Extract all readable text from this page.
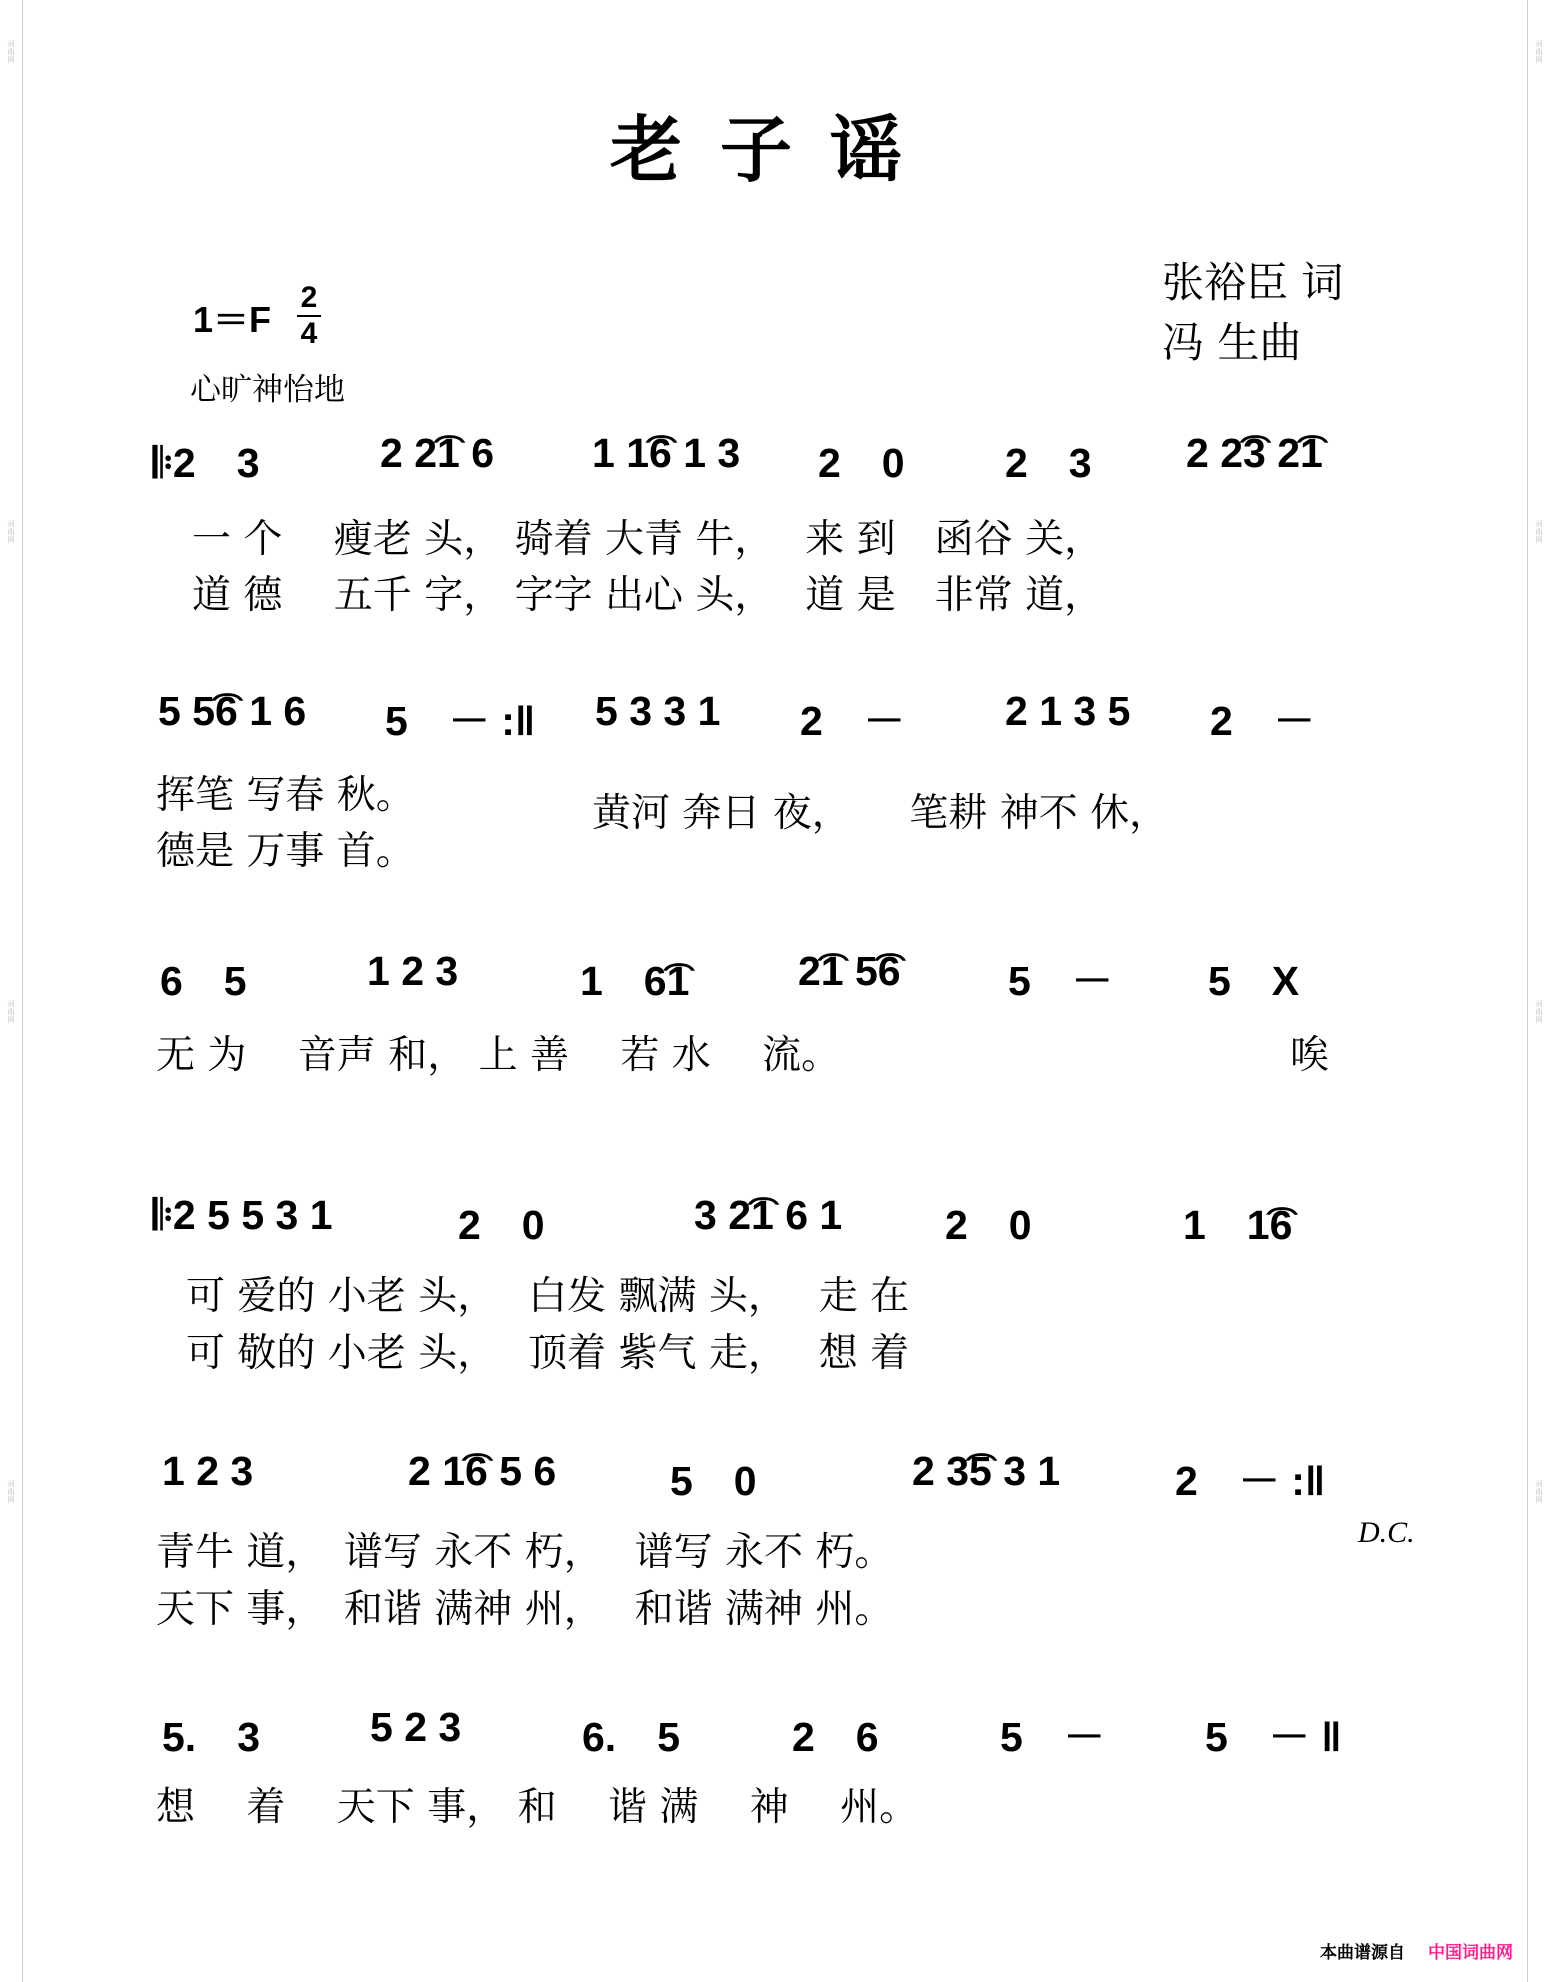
词曲网
词曲网
词曲网
词曲网
词曲网
词曲网
词曲网
词曲网
老子谣
张裕臣 词
冯 生曲
1＝F
2
4
心旷神怡地
𝄆2　3	2 2͡1 6 1 1͡6 1 3 2　0 2　3 2 2͡3 2͡1
一 个　 瘦老 头， 骑着 大青 牛，　 来 到　函谷 关，
道 德　 五千 字， 字字 出心 头，　 道 是　非常 道，
5 5͡6 1 6 5　－ :‖ 5 3 3 1 2　－ 2 1 3 5 2　－
挥笔 写春 秋。	黄河 奔日 夜，　　笔耕 神不 休，
德是 万事 首。
6　5	1 2 3	1　6͡1	2͡1 5͡6	5　－ 5　X
无 为　 音声 和， 上 善　 若 水　 流。	唉
𝄆2 5 5 3 1	2　0	3 2͡1 6 1	2　0	1　1͡6
可 爱的 小老 头，　 白发 飘满 头，　 走 在
可 敬的 小老 头，　 顶着 紫气 走，　 想 着
1 2 3	2 1͡6 5 6	5　0	2 3͡5 3 1	2　－ :‖
青牛 道，　谱写 永不 朽，　 谱写 永不 朽。
天下 事，　和谐 满神 州，　 和谐 满神 州。
D.C.
5.　3	5 2 3	6.　5	2　6	5　－ 5　－ ‖
想　 着　 天下 事， 和　 谐 满　 神　 州。
本曲谱源自 中国词曲网
